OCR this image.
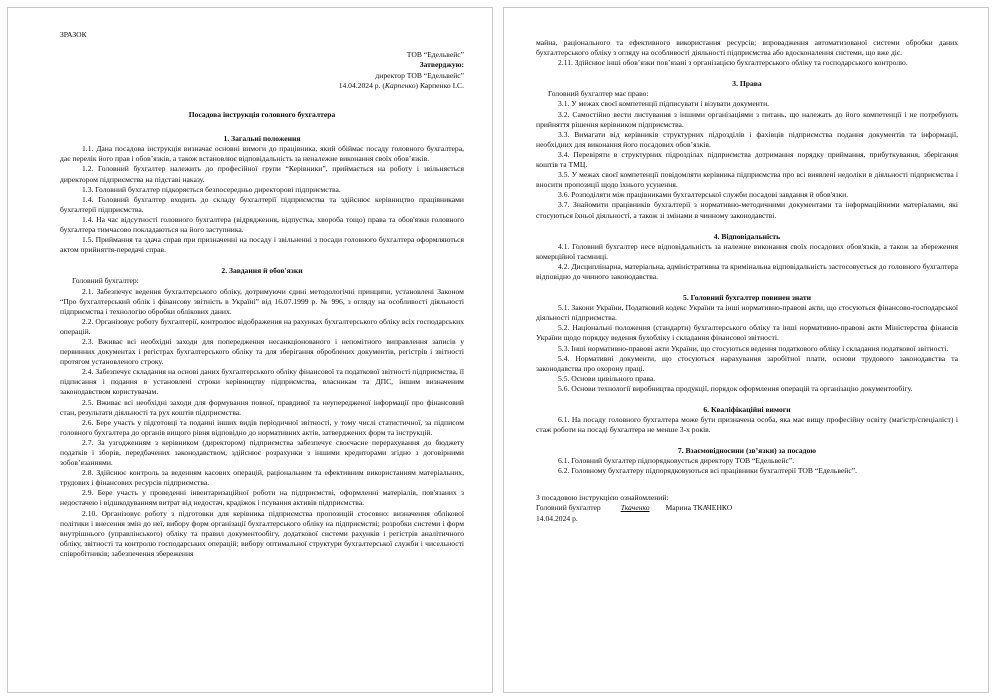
ЗРАЗОК

ТОВ “Едельвейс”
Затверджую:
директор ТОВ “Едельвейс”
14.04.2024 р. (Карпенко) Карпенко І.С.

Посадова інструкція головного бухгалтера

1. Загальні положення

1.1. Дана посадова інструкція визначає основні вимоги до працівника, який обіймає посаду головного бухгалтера, дає перелік його прав і обов’язків, а також встановлює відповідальність за неналежне виконання своїх обов’язків.

1.2. Головний бухгалтер належить до професійної групи “Керівники”, приймається на роботу і звільняється директором підприємства на підставі наказу.

1.3. Головний бухгалтер підкоряється безпосередньо директорові підприємства.

1.4. Головний бухгалтер входить до складу бухгалтерії підприємства та здійснює керівництво працівниками бухгалтерії підприємства.

1.4. На час відсутності головного бухгалтера (відрядження, відпустка, хвороба тощо) права та обов'язки головного бухгалтера тимчасово покладаються на його заступника.

1.5. Приймання та здача справ при призначенні на посаду і звільненні з посади головного бухгалтера оформляються актом прийняття-передачі справ.

2. Завдання й обов'язки

Головний бухгалтер:

2.1. Забезпечує ведення бухгалтерського обліку, дотримуючи єдині методологічні принципи, установлені Законом “Про бухгалтерський облік і фінансову звітність в Україні” від 16.07.1999 р. № 996, з огляду на особливості діяльності підприємства і технологію обробки облікових даних.

2.2. Організовує роботу бухгалтерії, контролює відображення на рахунках бухгалтерського обліку всіх господарських операцій.

2.3. Вживає всі необхідні заходи для попередження несанкціонованого і непомітного виправлення записів у первинних документах і регістрах бухгалтерського обліку та для зберігання оброблених документів, регістрів і звітності протягом установленого строку.

2.4. Забезпечує складання на основі даних бухгалтерського обліку фінансової та податкової звітності підприємства, її підписання і подання в установлені строки керівництву підприємства, власникам та ДПС, іншим визначеним законодавством користувачам.

2.5. Вживає всі необхідні заходи для формування повної, правдивої та неупередженої інформації про фінансовий стан, результати діяльності та рух коштів підприємства.

2.6. Бере участь у підготовці та поданні інших видів періодичної звітності, у тому числі статистичної, за підписом головного бухгалтера до органів вищого рівня відповідно до нормативних актів, затверджених форм та інструкцій.

2.7. За узгодженням з керівником (директором) підприємства забезпечує своєчасне перерахування до бюджету податків і зборів, передбачених законодавством, здійснює розрахунки з іншими кредиторами згідно з договірними зобов’язаннями.

2.8. Здійснює контроль за веденням касових операцій, раціональним та ефективним використанням матеріальних, трудових і фінансових ресурсів підприємства.

2.9. Бере участь у проведенні інвентаризаційної роботи на підприємстві, оформленні матеріалів, пов'язаних з недостачею і відшкодуванням витрат від недостач, крадіжок і псування активів підприємства.

2.10. Організовує роботу з підготовки для керівника підприємства пропозицій стосовно: визначення облікової політики і внесення змін до неї, вибору форм організації бухгалтерського обліку на підприємстві; розробки системи і форм внутрішнього (управлінського) обліку та правил документообігу, додаткової системи рахунків і регістрів аналітичного обліку, звітності та контролю господарських операцій; вибору оптимальної структури бухгалтерської служби і чисельності співробітників; забезпечення збереження

майна, раціонального та ефективного використання ресурсів; впровадження автоматизованої системи обробки даних бухгалтерського обліку з огляду на особливості діяльності підприємства або вдосконалення системи, що вже діє.

2.11. Здійснює інші обов’язки пов’язані з організацією бухгалтерського обліку та господарського контролю.

3. Права

Головний бухгалтер має право:

3.1. У межах своєї компетенції підписувати і візувати документи.

3.2. Самостійно вести листування з іншими організаціями з питань, що належать до його компетенції і не потребують прийняття рішення керівником підприємства.

3.3. Вимагати від керівників структурних підрозділів і фахівців підприємства подання документів та інформації, необхідних для виконання його посадових обов’язків.

3.4. Перевіряти в структурних підрозділах підприємства дотримання порядку приймання, прибуткування, зберігання коштів та ТМЦ.

3.5. У межах своєї компетенції повідомляти керівника підприємства про всі виявлені недоліки в діяльності підприємства і вносити пропозиції щодо їхнього усунення.

3.6. Розподіляти між працівниками бухгалтерської служби посадові завдання й обов'язки.

3.7. Знайомити працівників бухгалтерії з нормативно-методичними документами та інформаційними матеріалами, які стосуються їхньої діяльності, а також зі змінами в чинному законодавстві.

4. Відповідальність

4.1. Головний бухгалтер несе відповідальність за належне виконання своїх посадових обов'язків, а також за збереження комерційної таємниці.

4.2. Дисциплінарна, матеріальна, адміністративна та кримінальна відповідальність застосовується до головного бухгалтера відповідно до чинного законодавства.

5. Головний бухгалтер повинен знати

5.1. Закони України, Податковий кодекс України та інші нормативно-правові акти, що стосуються фінансово-господарської діяльності підприємства.

5.2. Національні положення (стандарти) бухгалтерського обліку та інші нормативно-правові акти Міністерства фінансів України щодо порядку ведення бухобліку і складання фінансової звітності.

5.3. Інші нормативно-правові акти України, що стосуються ведення податкового обліку і складання податкової звітності.

5.4. Нормативні документи, що стосуються нарахування заробітної плати, основи трудового законодавства та законодавства про охорону праці.

5.5. Основи цивільного права.

5.6. Основи технології виробництва продукції, порядок оформлення операцій та організацію документообігу.

6. Кваліфікаційні вимоги

6.1. На посаду головного бухгалтера може бути призначена особа, яка має вищу професійну освіту (магістр/спеціаліст) і стаж роботи на посаді бухгалтера не менше 3-х років.

7. Взаємовідносини (зв’язки) за посадою

6.1. Головний бухгалтер підпорядковується директору ТОВ “Едельвейс”.

6.2. Головному бухгалтеру підпорядковуються всі працівники бухгалтерії ТОВ “Едельвейс”.

З посадовою інструкцією ознайомлений:
Головний бухгалтер	Ткаченко Марина ТКАЧЕНКО
14.04.2024 р.
